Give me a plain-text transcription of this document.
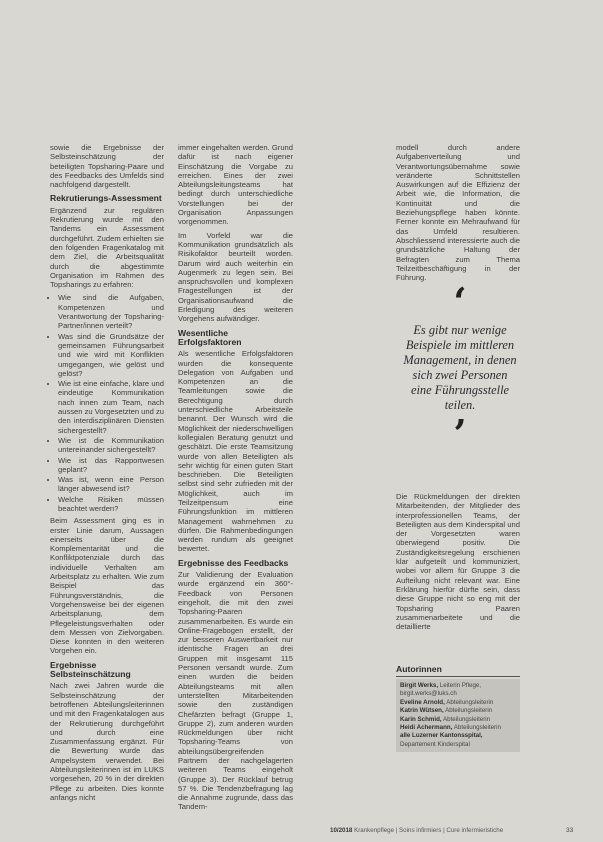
sowie die Ergebnisse der Selbsteinschätzung der beteiligten Topsharing-Paare und des Feedbacks des Umfelds sind nachfolgend dargestellt.

Rekrutierungs-Assessment

Ergänzend zur regulären Rekrutierung wurde mit den Tandems ein Assessment durchgeführt. Zudem erhielten sie den folgenden Fragenkatalog mit dem Ziel, die Arbeitsqualität durch die abgestimmte Organisation im Rahmen des Topsharings zu erfahren:

• Wie sind die Aufgaben, Kompetenzen und Verantwortung der Topsharing-Partner/innen verteilt?
• Was sind die Grundsätze der gemeinsamen Führungsarbeit und wie wird mit Konflikten umgegangen, wie gelöst und gelöst?
• Wie ist eine einfache, klare und eindeutige Kommunikation nach innen zum Team, nach aussen zu Vorgesetzten und zu den interdisziplinären Diensten sichergestellt?
• Wie ist die Kommunikation untereinander sichergestellt?
• Wie ist das Rapportwesen geplant?
• Was ist, wenn eine Person länger abwesend ist?
• Welche Risiken müssen beachtet werden?

Beim Assessment ging es in erster Linie darum, Aussagen einerseits über die Komplementarität und die Konfliktpotenziale durch das individuelle Verhalten am Arbeitsplatz zu erhalten. Wie zum Beispiel das Führungsverständnis, die Vorgehensweise bei der eigenen Arbeitsplanung, dem Pflegeleistungsverhalten oder dem Messen von Zielvorgaben. Diese konnten in den weiteren Vorgehen ein.

Ergebnisse Selbsteinschätzung

Nach zwei Jahren wurde die Selbsteinschätzung der betroffenen Abteilungsleiterinnen und mit den Fragenkatalogen aus der Rekrutierung durchgeführt und durch eine Zusammenfassung ergänzt. Für die Bewertung wurde das Ampelsystem verwendet. Bei Abteilungsleiterinnen ist im LUKS vorgesehen, 20 % in der direkten Pflege zu arbeiten. Dies konnte anfangs nicht

immer eingehalten werden. Grund dafür ist nach eigener Einschätzung die Vorgabe zu erreichen. Eines der zwei Abteilungsleitungsteams hat bedingt durch unterschiedliche Vorstellungen bei der Organisation Anpassungen vorgenommen.

Im Vorfeld war die Kommunikation grundsätzlich als Risikofaktor beurteilt worden. Darum wird auch weiterhin ein Augenmerk zu legen sein. Bei anspruchsvollen und komplexen Fragestellungen ist der Organisationsaufwand die Erledigung des weiteren Vorgehens aufwändiger.

Wesentliche Erfolgsfaktoren

Als wesentliche Erfolgsfaktoren wurden die konsequente Delegation von Aufgaben und Kompetenzen an die Teamleitungen sowie die Berechtigung durch unterschiedliche Arbeitsteile benannt. Der Wunsch wird die Möglichkeit der niederschwelligen kollegialen Beratung genutzt und geschätzt. Die erste Teamsitzung wurde von allen Beteiligten als sehr wichtig für einen guten Start beschrieben. Die Beteiligten selbst sind sehr zufrieden mit der Möglichkeit, auch im Teilzeitpensum eine Führungsfunktion im mittleren Management wahrnehmen zu dürfen. Die Rahmenbedingungen werden rundum als geeignet bewertet.

Ergebnisse des Feedbacks

Zur Validierung der Evaluation wurde ergänzend ein 360°-Feedback von Personen eingeholt, die mit den zwei Topsharing-Paaren zusammenarbeiten. Es wurde ein Online-Fragebogen erstellt, der zur besseren Auswertbarkeit nur identische Fragen an drei Gruppen mit insgesamt 115 Personen versandt wurde. Zum einen wurden die beiden Abteilungsteams mit allen unterstellten Mitarbeitenden sowie den zuständigen Chefärzten befragt (Gruppe 1, Gruppe 2), zum anderen wurden Rückmeldungen über nicht Topsharing-Teams von abteilungsübergreifenden Partnern der nachgelagerten weiteren Teams eingeholt (Gruppe 3). Der Rücklauf betrug 57 %. Die Tendenzbefragung lag die Annahme zugrunde, dass das Tandem-

modell durch andere Aufgabenverteilung und Verantwortungsübernahme sowie veränderte Schnittstellen Auswirkungen auf die Effizienz der Arbeit wie, die Information, die Kontinuität und die Beziehungspflege haben könnte. Ferner konnte ein Mehraufwand für das Umfeld resultieren. Abschliessend interessierte auch die grundsätzliche Haltung der Befragten zum Thema Teilzeitbeschäftigung in der Führung.

‘
Es gibt nur wenige Beispiele im mittleren Management, in denen sich zwei Personen eine Führungsstelle teilen.
’

Die Rückmeldungen der direkten Mitarbeitenden, der Mitglieder des interprofessionellen Teams, der Beteiligten aus dem Kinderspital und der Vorgesetzten waren überwiegend positiv. Die Zuständigkeitsregelung erschienen klar aufgeteilt und kommuniziert, wobei vor allem für Gruppe 3 die Aufteilung nicht relevant war. Eine Erklärung hierfür dürfte sein, dass diese Gruppe nicht so eng mit der Topsharing Paaren zusammenarbeitete und die detaillierte

Autorinnen
Birgit Werks, Leiterin Pflege, birgit.werks@luks.ch
Eveline Arnold, Abteilungsleiterin
Katrin Wütsen, Abteilungsleiterin
Karin Schmid, Abteilungsleiterin
Heidi Achermann, Abteilungsleiterin
alle Luzerner Kantonsspital, Departement Kinderspital
10/2018 Krankenpflege | Soins infirmiers | Cure infermieristiche	33
